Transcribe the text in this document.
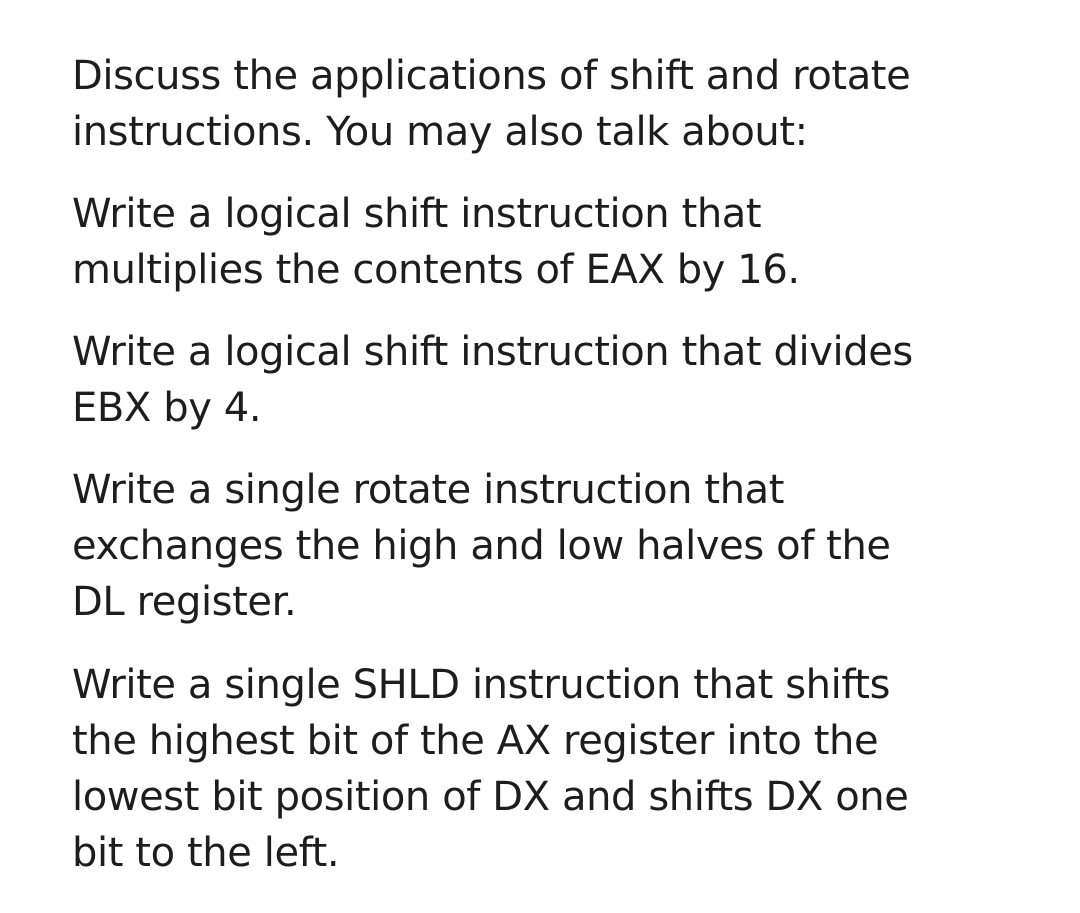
Discuss the applications of shift and rotate
instructions. You may also talk about:

Write a logical shift instruction that
multiplies the contents of EAX by 16.

Write a logical shift instruction that divides
EBX by 4.

Write a single rotate instruction that
exchanges the high and low halves of the
DL register.

Write a single SHLD instruction that shifts
the highest bit of the AX register into the
lowest bit position of DX and shifts DX one
bit to the left.
